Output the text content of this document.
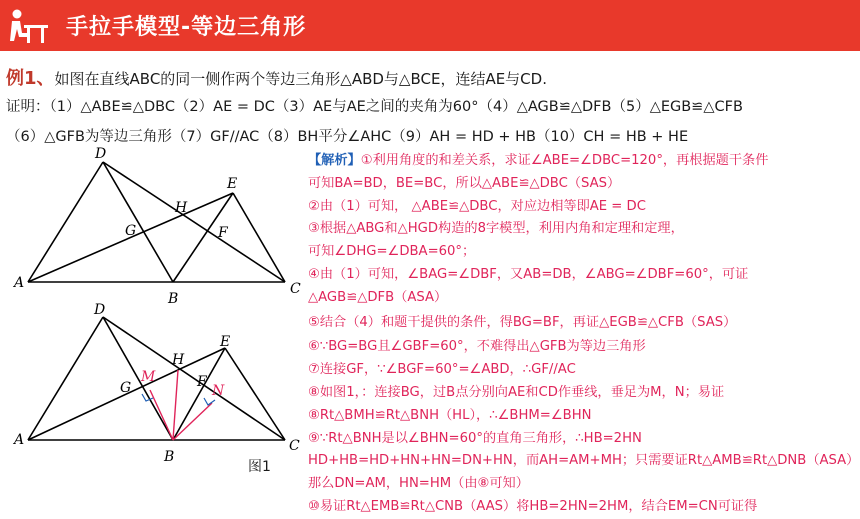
手拉手模型-等边三角形
例1、如图在直线ABC的同一侧作两个等边三角形△ABD与△BCE，连结AE与CD.
证明：（1）△ABE≌△DBC（2）AE = DC（3）AE与AE之间的夹角为60°（4）△AGB≌△DFB（5）△EGB≌△CFB
（6）△GFB为等边三角形（7）GF//AC（8）BH平分∠AHC（9）AH = HD + HB（10）CH = HB + HE
D
E
H
G	F
A
B
C
D
E
H
G	F
A
B
C
M
N
图1
【解析】①利用角度的和差关系，求证∠ABE=∠DBC=120°，再根据题干条件
可知BA=BD，BE=BC，所以△ABE≌△DBC（SAS）
②由（1）可知， △ABE≌△DBC，对应边相等即AE = DC
③根据△ABG和△HGD构造的8字模型，利用内角和定理和定理，
可知∠DHG=∠DBA=60°；
④由（1）可知，∠BAG=∠DBF，又AB=DB，∠ABG=∠DBF=60°，可证
△AGB≌△DFB（ASA）
⑤结合（4）和题干提供的条件，得BG=BF，再证△EGB≌△CFB（SAS）
⑥∵BG=BG且∠GBF=60°，不难得出△GFB为等边三角形
⑦连接GF，∵∠BGF=60°=∠ABD，∴GF//AC
⑧如图1，：连接BG，过B点分别向AE和CD作垂线，垂足为M，N；易证
⑧Rt△BMH≌Rt△BNH（HL），∴∠BHM=∠BHN
⑨∵Rt△BNH是以∠BHN=60°的直角三角形，∴HB=2HN
HD+HB=HD+HN+HN=DN+HN，而AH=AM+MH；只需要证Rt△AMB≌Rt△DNB（ASA）
那么DN=AM，HN=HM（由⑧可知）
⑩易证Rt△EMB≌Rt△CNB（AAS）将HB=2HN=2HM，结合EM=CN可证得
